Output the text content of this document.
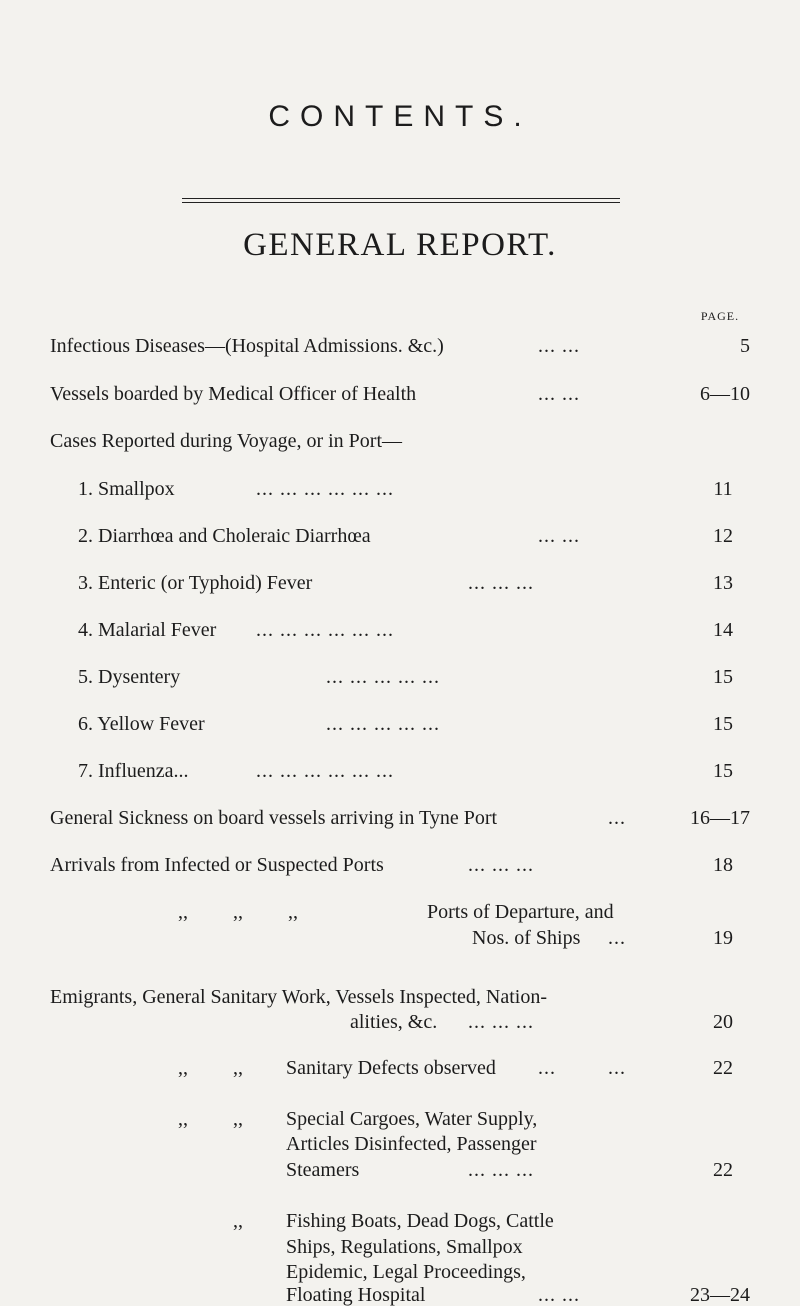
CONTENTS.
GENERAL REPORT.
PAGE.
Infectious Diseases—(Hospital Admissions. &c.)	... ...	5
Vessels boarded by Medical Officer of Health	... ...	6—10
Cases Reported during Voyage, or in Port—
1. Smallpox	... ... ... ... ... ...	11
2. Diarrhœa and Choleraic Diarrhœa	... ...	12
3. Enteric (or Typhoid) Fever	... ... ...	13
4. Malarial Fever ... ... ... ... ... ...	14
5. Dysentery	... ... ... ... ...	15
6. Yellow Fever	... ... ... ... ...	15
7. Influenza...	... ... ... ... ... ...	15
General Sickness on board vessels arriving in Tyne Port	...	16—17
Arrivals from Infected or Suspected Ports	... ... ...	18
,, ,, ,,	Ports of Departure, and
Nos. of Ships ...	19
Emigrants, General Sanitary Work, Vessels Inspected, Nation-
alities, &c. ... ... ...	20
,, ,, Sanitary Defects observed ...	...	22
,, ,, Special Cargoes, Water Supply,
Articles Disinfected, Passenger
Steamers	... ... ...	22
,, Fishing Boats, Dead Dogs, Cattle
Ships, Regulations, Smallpox
Epidemic, Legal Proceedings,
Floating Hospital	... ...	23—24
